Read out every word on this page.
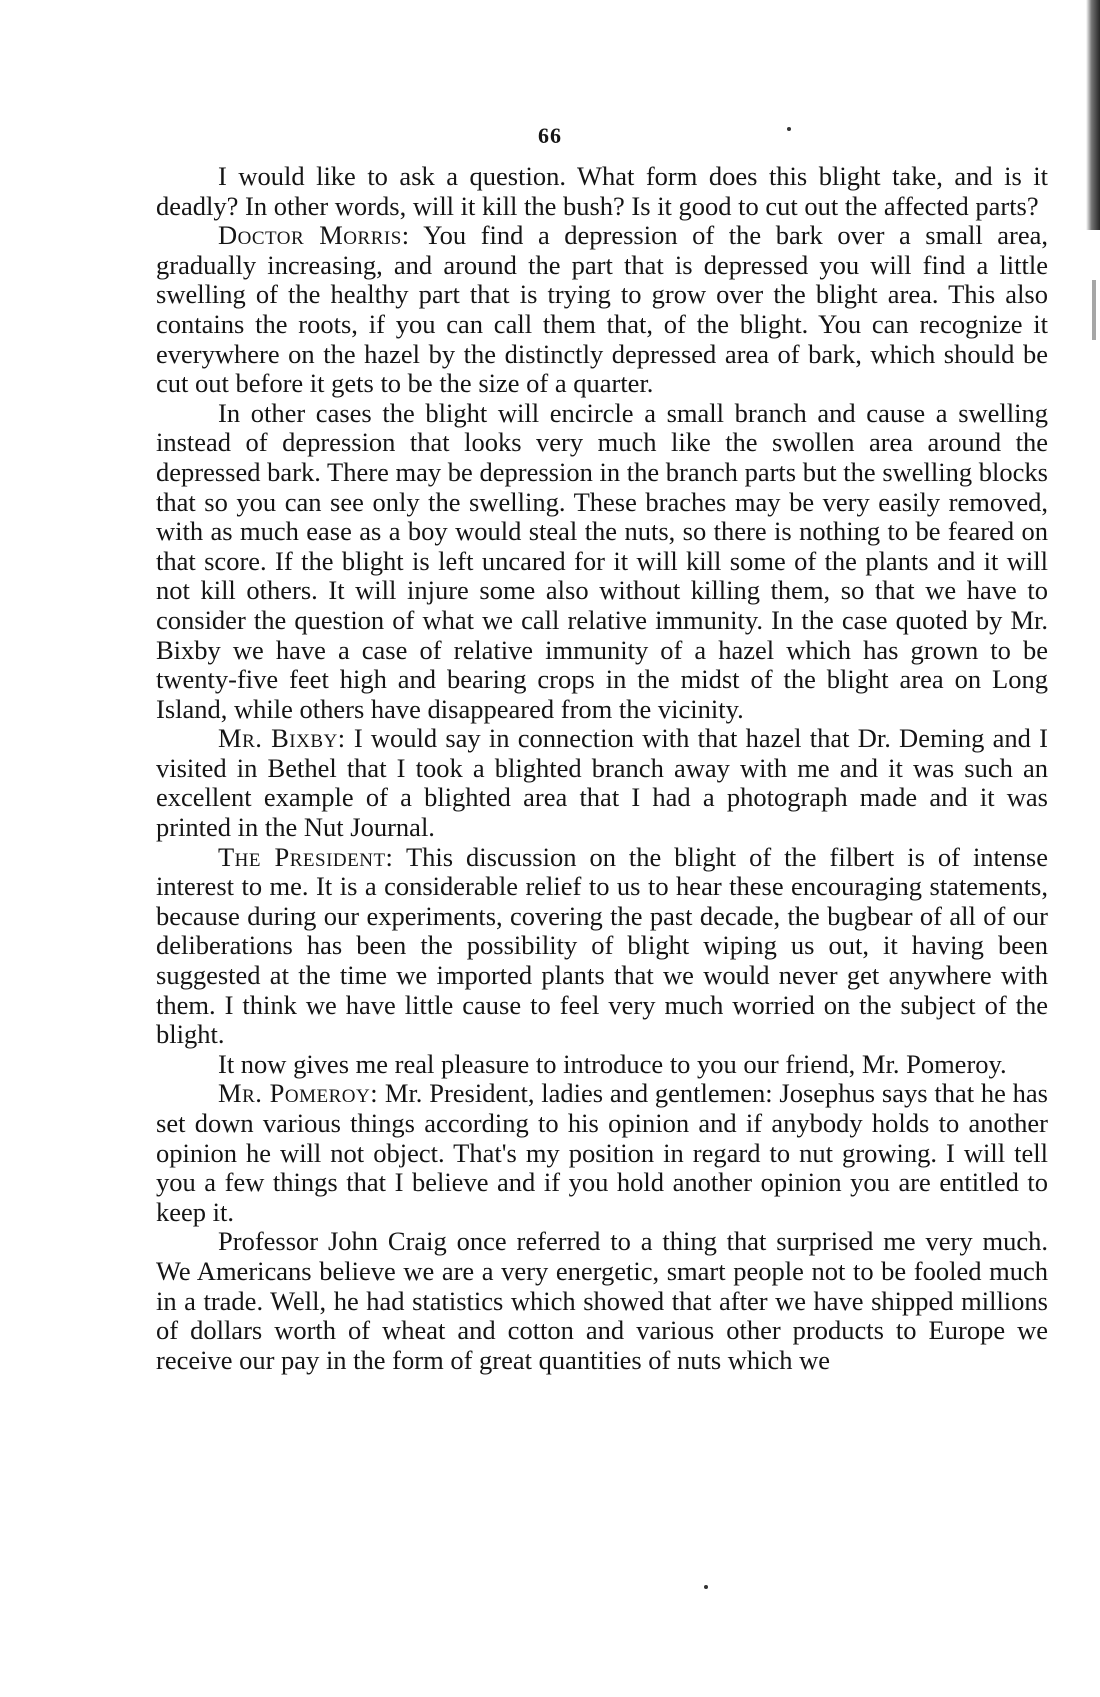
66

I would like to ask a question. What form does this blight take, and is it deadly? In other words, will it kill the bush? Is it good to cut out the affected parts?

Doctor Morris: You find a depression of the bark over a small area, gradually increasing, and around the part that is depressed you will find a little swelling of the healthy part that is trying to grow over the blight area. This also contains the roots, if you can call them that, of the blight. You can recognize it everywhere on the hazel by the distinctly depressed area of bark, which should be cut out before it gets to be the size of a quarter.

In other cases the blight will encircle a small branch and cause a swelling instead of depression that looks very much like the swollen area around the depressed bark. There may be depression in the branch parts but the swelling blocks that so you can see only the swelling. These braches may be very easily removed, with as much ease as a boy would steal the nuts, so there is nothing to be feared on that score. If the blight is left uncared for it will kill some of the plants and it will not kill others. It will injure some also without killing them, so that we have to consider the question of what we call relative immunity. In the case quoted by Mr. Bixby we have a case of relative immunity of a hazel which has grown to be twenty-five feet high and bearing crops in the midst of the blight area on Long Island, while others have disappeared from the vicinity.

Mr. Bixby: I would say in connection with that hazel that Dr. Deming and I visited in Bethel that I took a blighted branch away with me and it was such an excellent example of a blighted area that I had a photograph made and it was printed in the Nut Journal.

The President: This discussion on the blight of the filbert is of intense interest to me. It is a considerable relief to us to hear these encouraging statements, because during our experiments, covering the past decade, the bugbear of all of our deliberations has been the possibility of blight wiping us out, it having been suggested at the time we imported plants that we would never get anywhere with them. I think we have little cause to feel very much worried on the subject of the blight.

It now gives me real pleasure to introduce to you our friend, Mr. Pomeroy.

Mr. Pomeroy: Mr. President, ladies and gentlemen: Josephus says that he has set down various things according to his opinion and if anybody holds to another opinion he will not object. That's my position in regard to nut growing. I will tell you a few things that I believe and if you hold another opinion you are entitled to keep it.

Professor John Craig once referred to a thing that surprised me very much. We Americans believe we are a very energetic, smart people not to be fooled much in a trade. Well, he had statistics which showed that after we have shipped millions of dollars worth of wheat and cotton and various other products to Europe we receive our pay in the form of great quantities of nuts which we
